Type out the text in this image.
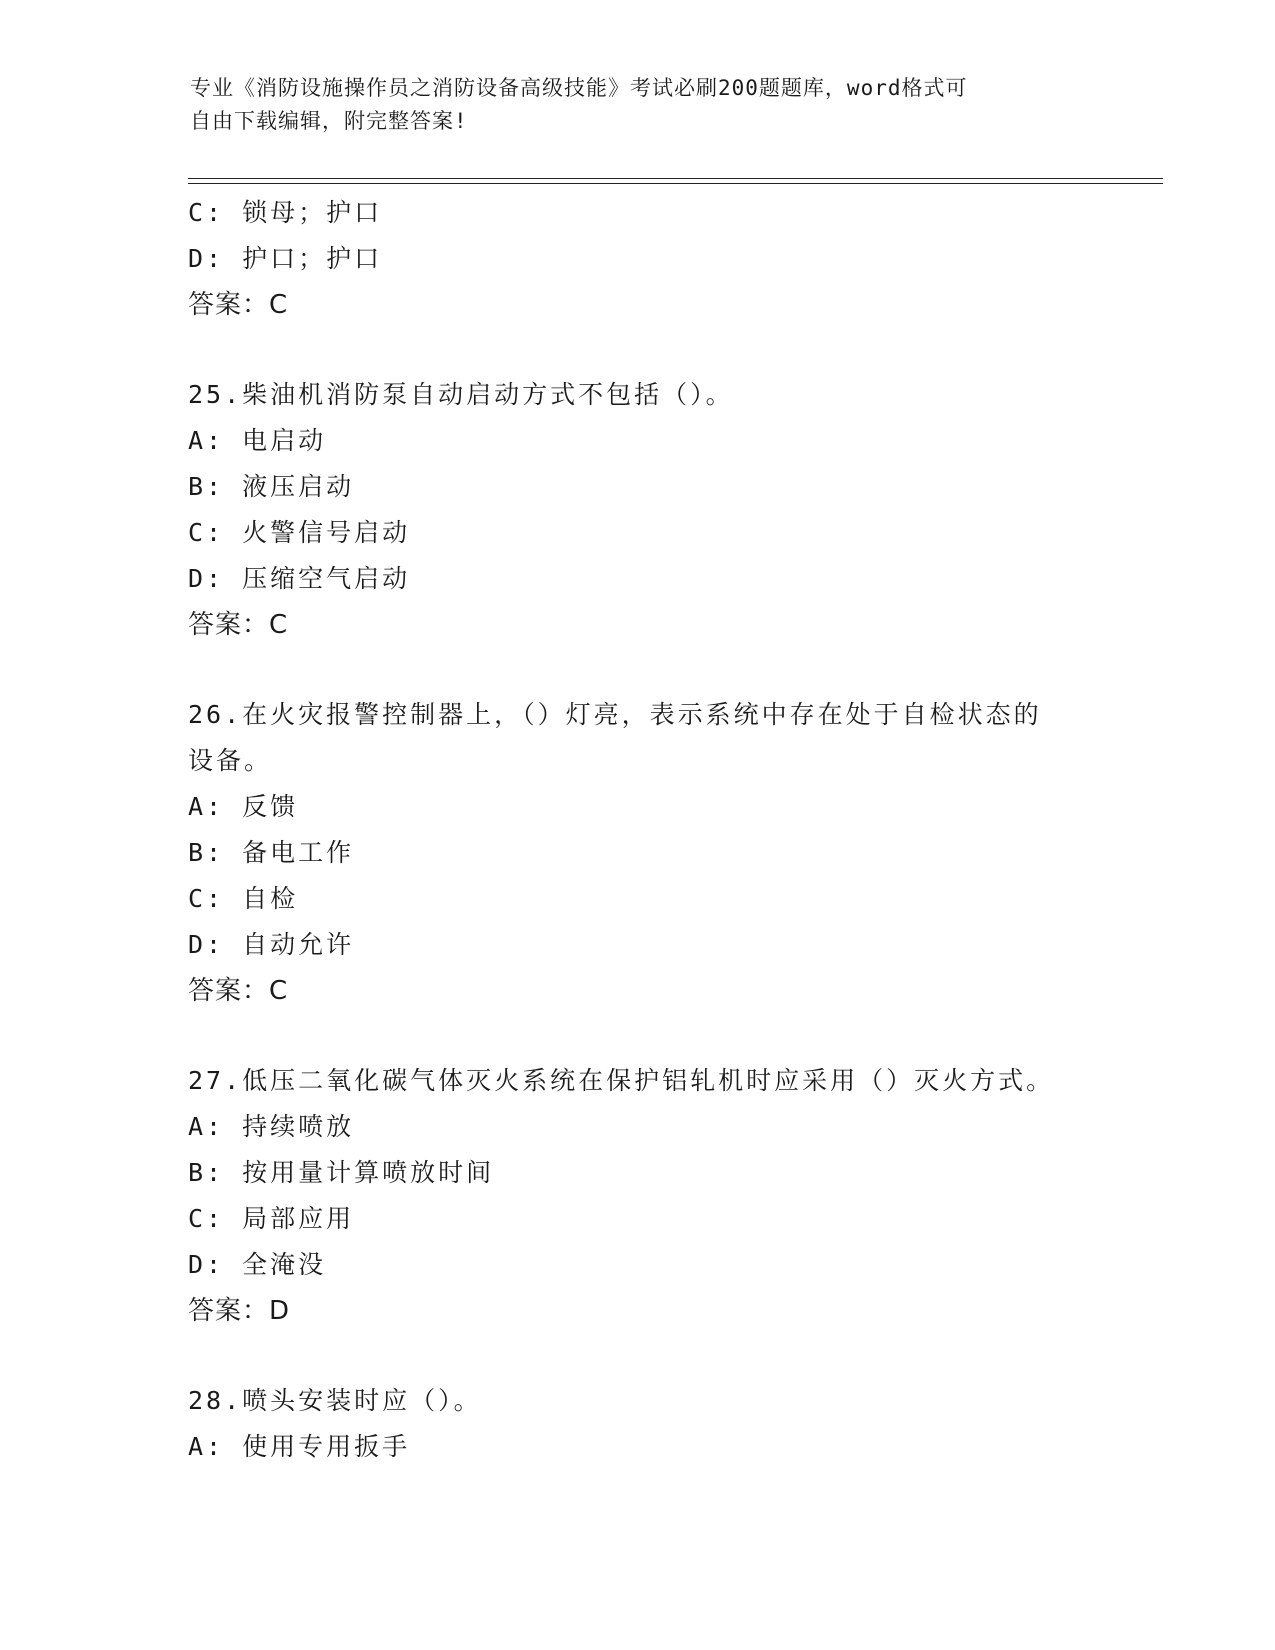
专业《消防设施操作员之消防设备高级技能》考试必刷200题题库，word格式可
自由下载编辑，附完整答案!
C: 锁母；护口
D: 护口；护口
答案：C
25.柴油机消防泵自动启动方式不包括（）。
A: 电启动
B: 液压启动
C: 火警信号启动
D: 压缩空气启动
答案：C
26.在火灾报警控制器上，（）灯亮，表示系统中存在处于自检状态的
设备。
A: 反馈
B: 备电工作
C: 自检
D: 自动允许
答案：C
27.低压二氧化碳气体灭火系统在保护铝轧机时应采用（）灭火方式。
A: 持续喷放
B: 按用量计算喷放时间
C: 局部应用
D: 全淹没
答案：D
28.喷头安装时应（）。
A: 使用专用扳手
